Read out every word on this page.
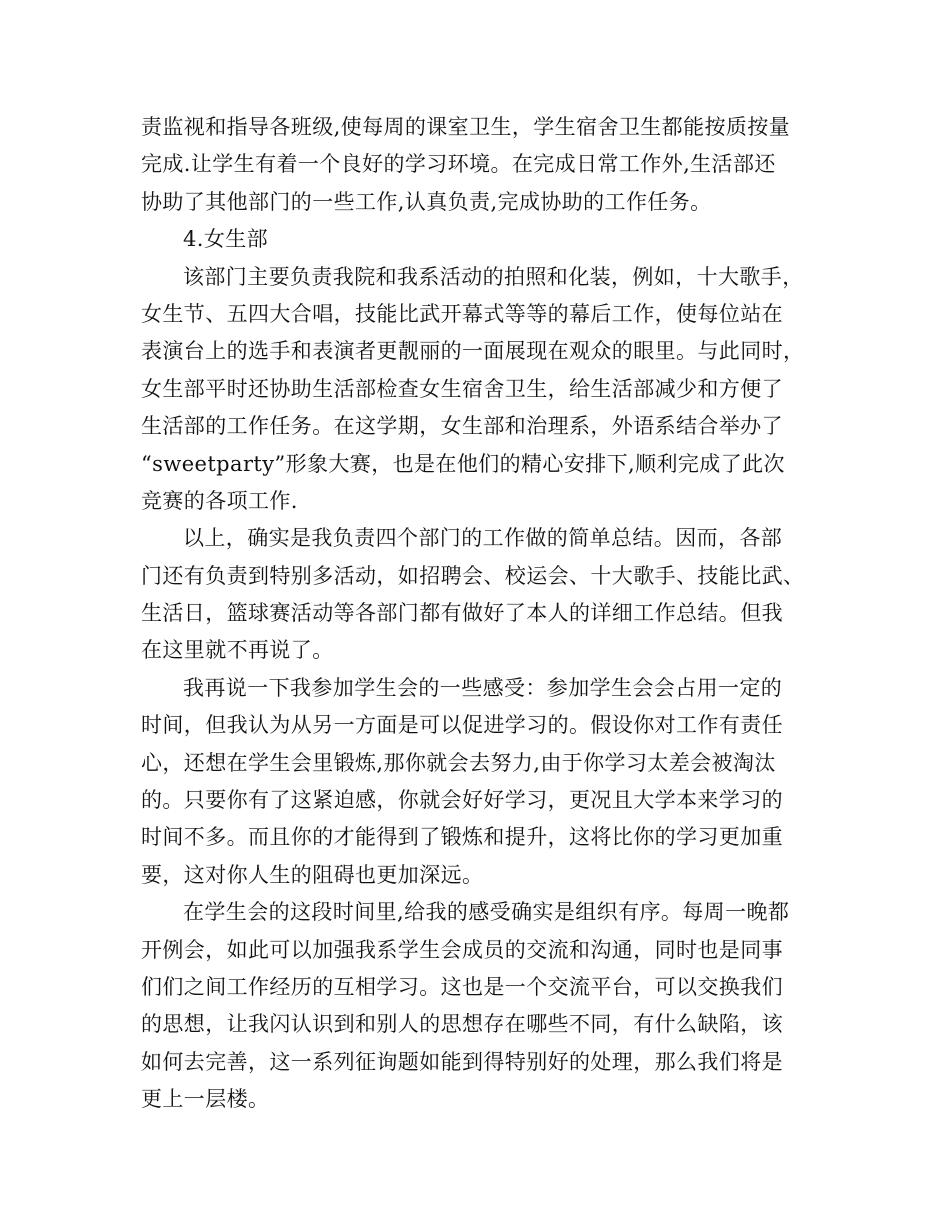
责监视和指导各班级,使每周的课室卫生，学生宿舍卫生都能按质按量
完成.让学生有着一个良好的学习环境。在完成日常工作外,生活部还
协助了其他部门的一些工作,认真负责,完成协助的工作任务。
4.女生部
该部门主要负责我院和我系活动的拍照和化装，例如，十大歌手，
女生节、五四大合唱，技能比武开幕式等等的幕后工作，使每位站在
表演台上的选手和表演者更靓丽的一面展现在观众的眼里。与此同时，
女生部平时还协助生活部检查女生宿舍卫生，给生活部减少和方便了
生活部的工作任务。在这学期，女生部和治理系，外语系结合举办了
“sweetparty”形象大赛，也是在他们的精心安排下,顺利完成了此次
竞赛的各项工作.
以上，确实是我负责四个部门的工作做的简单总结。因而，各部
门还有负责到特别多活动，如招聘会、校运会、十大歌手、技能比武、
生活日，篮球赛活动等各部门都有做好了本人的详细工作总结。但我
在这里就不再说了。
我再说一下我参加学生会的一些感受：参加学生会会占用一定的
时间，但我认为从另一方面是可以促进学习的。假设你对工作有责任
心，还想在学生会里锻炼,那你就会去努力,由于你学习太差会被淘汰
的。只要你有了这紧迫感，你就会好好学习，更况且大学本来学习的
时间不多。而且你的才能得到了锻炼和提升，这将比你的学习更加重
要，这对你人生的阻碍也更加深远。
在学生会的这段时间里,给我的感受确实是组织有序。每周一晚都
开例会，如此可以加强我系学生会成员的交流和沟通，同时也是同事
们们之间工作经历的互相学习。这也是一个交流平台，可以交换我们
的思想，让我闪认识到和别人的思想存在哪些不同，有什么缺陷，该
如何去完善，这一系列征询题如能到得特别好的处理，那么我们将是
更上一层楼。
